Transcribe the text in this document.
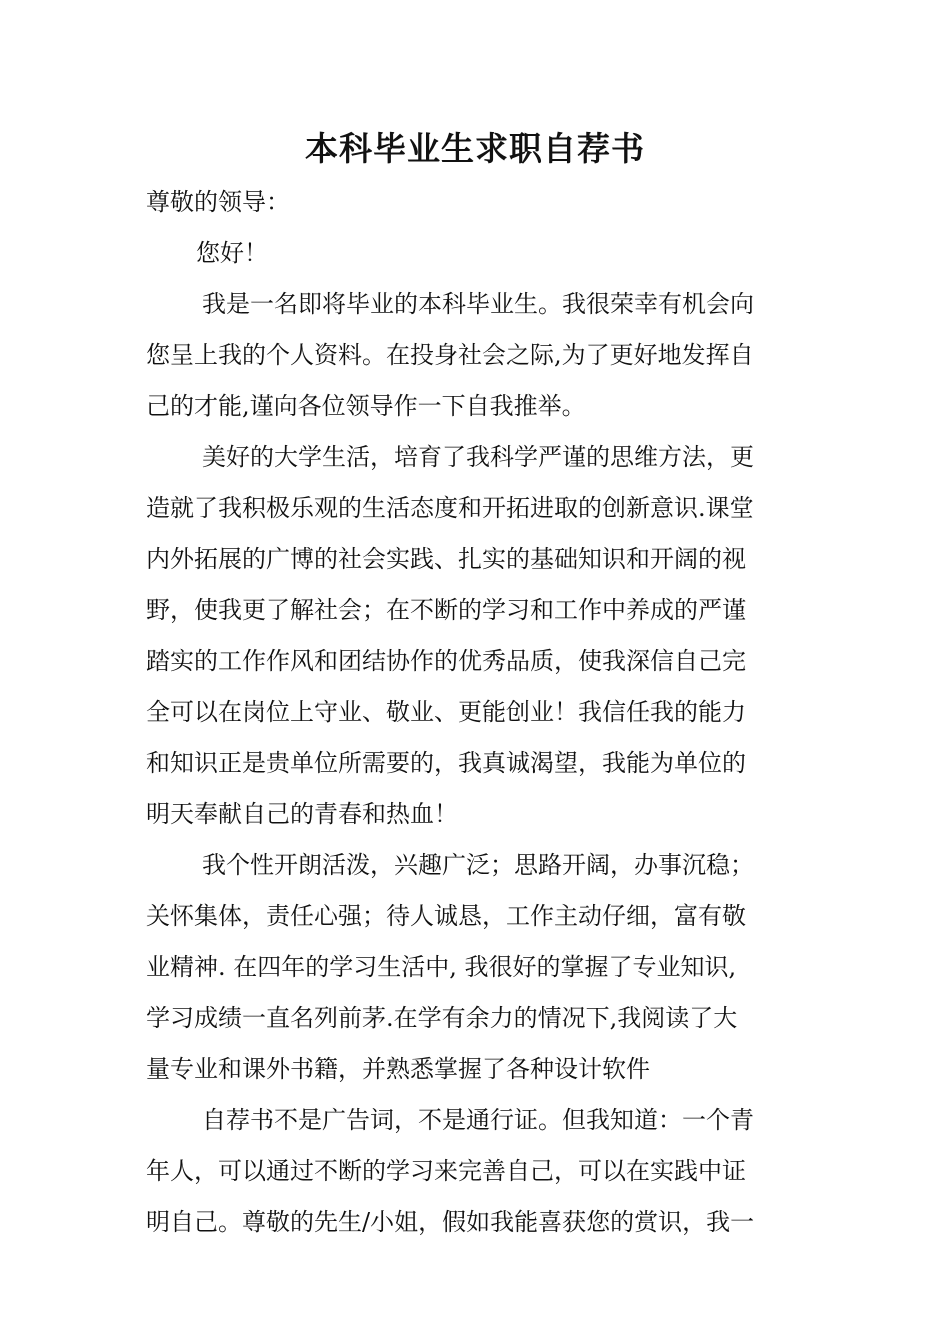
本科毕业生求职自荐书
尊敬的领导：
您好！
我是一名即将毕业的本科毕业生。我很荣幸有机会向
您呈上我的个人资料。在投身社会之际,为了更好地发挥自
己的才能,谨向各位领导作一下自我推举。
美好的大学生活，培育了我科学严谨的思维方法，更
造就了我积极乐观的生活态度和开拓进取的创新意识.课堂
内外拓展的广博的社会实践、扎实的基础知识和开阔的视
野，使我更了解社会；在不断的学习和工作中养成的严谨
踏实的工作作风和团结协作的优秀品质，使我深信自己完
全可以在岗位上守业、敬业、更能创业！我信任我的能力
和知识正是贵单位所需要的，我真诚渴望，我能为单位的
明天奉献自己的青春和热血！
我个性开朗活泼，兴趣广泛；思路开阔，办事沉稳；
关怀集体，责任心强；待人诚恳，工作主动仔细，富有敬
业精神. 在四年的学习生活中, 我很好的掌握了专业知识,
学习成绩一直名列前茅.在学有余力的情况下,我阅读了大
量专业和课外书籍，并熟悉掌握了各种设计软件
自荐书不是广告词，不是通行证。但我知道：一个青
年人，可以通过不断的学习来完善自己，可以在实践中证
明自己。尊敬的先生/小姐，假如我能喜获您的赏识，我一
